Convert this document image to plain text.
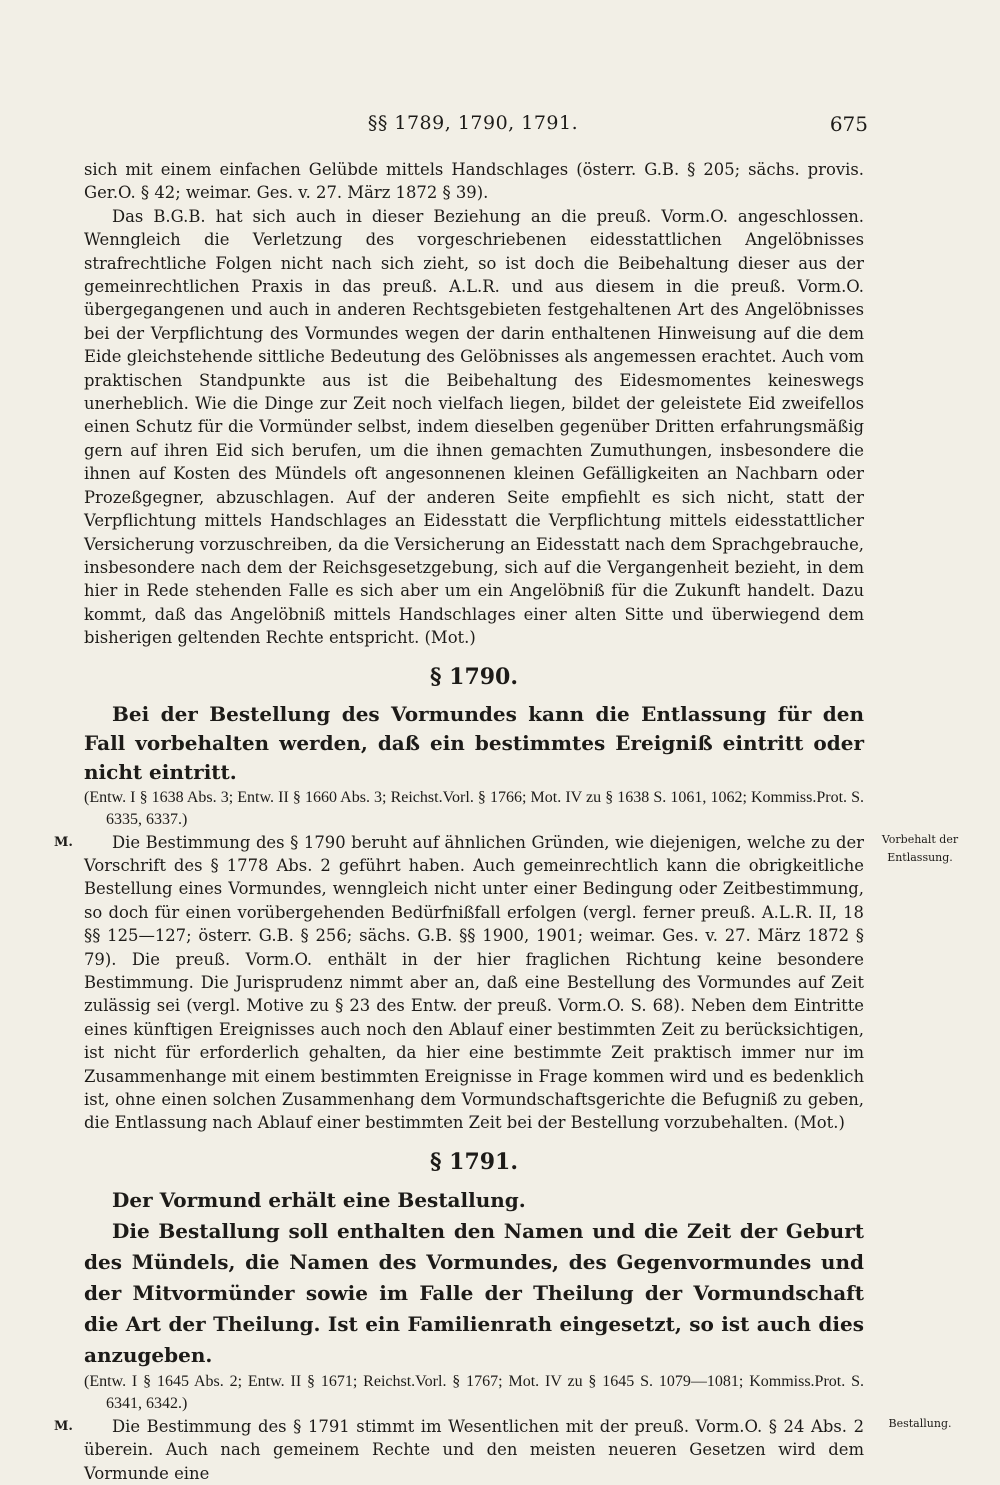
§§ 1789, 1790, 1791.	675

sich mit einem einfachen Gelübde mittels Handschlages (österr. G.B. § 205; sächs. provis. Ger.O. § 42; weimar. Ges. v. 27. März 1872 § 39).

Das B.G.B. hat sich auch in dieser Beziehung an die preuß. Vorm.O. angeschlossen. Wenngleich die Verletzung des vorgeschriebenen eidesstattlichen Angelöbnisses strafrechtliche Folgen nicht nach sich zieht, so ist doch die Beibehaltung dieser aus der gemeinrechtlichen Praxis in das preuß. A.L.R. und aus diesem in die preuß. Vorm.O. übergegangenen und auch in anderen Rechtsgebieten festgehaltenen Art des Angelöbnisses bei der Verpflichtung des Vormundes wegen der darin enthaltenen Hinweisung auf die dem Eide gleichstehende sittliche Bedeutung des Gelöbnisses als angemessen erachtet. Auch vom praktischen Standpunkte aus ist die Beibehaltung des Eidesmomentes keineswegs unerheblich. Wie die Dinge zur Zeit noch vielfach liegen, bildet der geleistete Eid zweifellos einen Schutz für die Vormünder selbst, indem dieselben gegenüber Dritten erfahrungsmäßig gern auf ihren Eid sich berufen, um die ihnen gemachten Zumuthungen, insbesondere die ihnen auf Kosten des Mündels oft angesonnenen kleinen Gefälligkeiten an Nachbarn oder Prozeßgegner, abzuschlagen. Auf der anderen Seite empfiehlt es sich nicht, statt der Verpflichtung mittels Handschlages an Eidesstatt die Verpflichtung mittels eidesstattlicher Versicherung vorzuschreiben, da die Versicherung an Eidesstatt nach dem Sprachgebrauche, insbesondere nach dem der Reichsgesetzgebung, sich auf die Vergangenheit bezieht, in dem hier in Rede stehenden Falle es sich aber um ein Angelöbniß für die Zukunft handelt. Dazu kommt, daß das Angelöbniß mittels Handschlages einer alten Sitte und überwiegend dem bisherigen geltenden Rechte entspricht. (Mot.)

§ 1790.

Bei der Bestellung des Vormundes kann die Entlassung für den Fall vorbehalten werden, daß ein bestimmtes Ereigniß eintritt oder nicht eintritt.

(Entw. I § 1638 Abs. 3; Entw. II § 1660 Abs. 3; Reichst.Vorl. § 1766; Mot. IV zu § 1638 S. 1061, 1062; Kommiss.Prot. S. 6335, 6337.)

M.	Vorbehalt der Entlassung.

Die Bestimmung des § 1790 beruht auf ähnlichen Gründen, wie diejenigen, welche zu der Vorschrift des § 1778 Abs. 2 geführt haben. Auch gemeinrechtlich kann die obrigkeitliche Bestellung eines Vormundes, wenngleich nicht unter einer Bedingung oder Zeitbestimmung, so doch für einen vorübergehenden Bedürfnißfall erfolgen (vergl. ferner preuß. A.L.R. II, 18 §§ 125—127; österr. G.B. § 256; sächs. G.B. §§ 1900, 1901; weimar. Ges. v. 27. März 1872 § 79). Die preuß. Vorm.O. enthält in der hier fraglichen Richtung keine besondere Bestimmung. Die Jurisprudenz nimmt aber an, daß eine Bestellung des Vormundes auf Zeit zulässig sei (vergl. Motive zu § 23 des Entw. der preuß. Vorm.O. S. 68). Neben dem Eintritte eines künftigen Ereignisses auch noch den Ablauf einer bestimmten Zeit zu berücksichtigen, ist nicht für erforderlich gehalten, da hier eine bestimmte Zeit praktisch immer nur im Zusammenhange mit einem bestimmten Ereignisse in Frage kommen wird und es bedenklich ist, ohne einen solchen Zusammenhang dem Vormundschaftsgerichte die Befugniß zu geben, die Entlassung nach Ablauf einer bestimmten Zeit bei der Bestellung vorzubehalten. (Mot.)

§ 1791.

Der Vormund erhält eine Bestallung.

Die Bestallung soll enthalten den Namen und die Zeit der Geburt des Mündels, die Namen des Vormundes, des Gegenvormundes und der Mitvormünder sowie im Falle der Theilung der Vormundschaft die Art der Theilung. Ist ein Familienrath eingesetzt, so ist auch dies anzugeben.

(Entw. I § 1645 Abs. 2; Entw. II § 1671; Reichst.Vorl. § 1767; Mot. IV zu § 1645 S. 1079—1081; Kommiss.Prot. S. 6341, 6342.)

M.	Bestallung.

Die Bestimmung des § 1791 stimmt im Wesentlichen mit der preuß. Vorm.O. § 24 Abs. 2 überein. Auch nach gemeinem Rechte und den meisten neueren Gesetzen wird dem Vormunde eine
